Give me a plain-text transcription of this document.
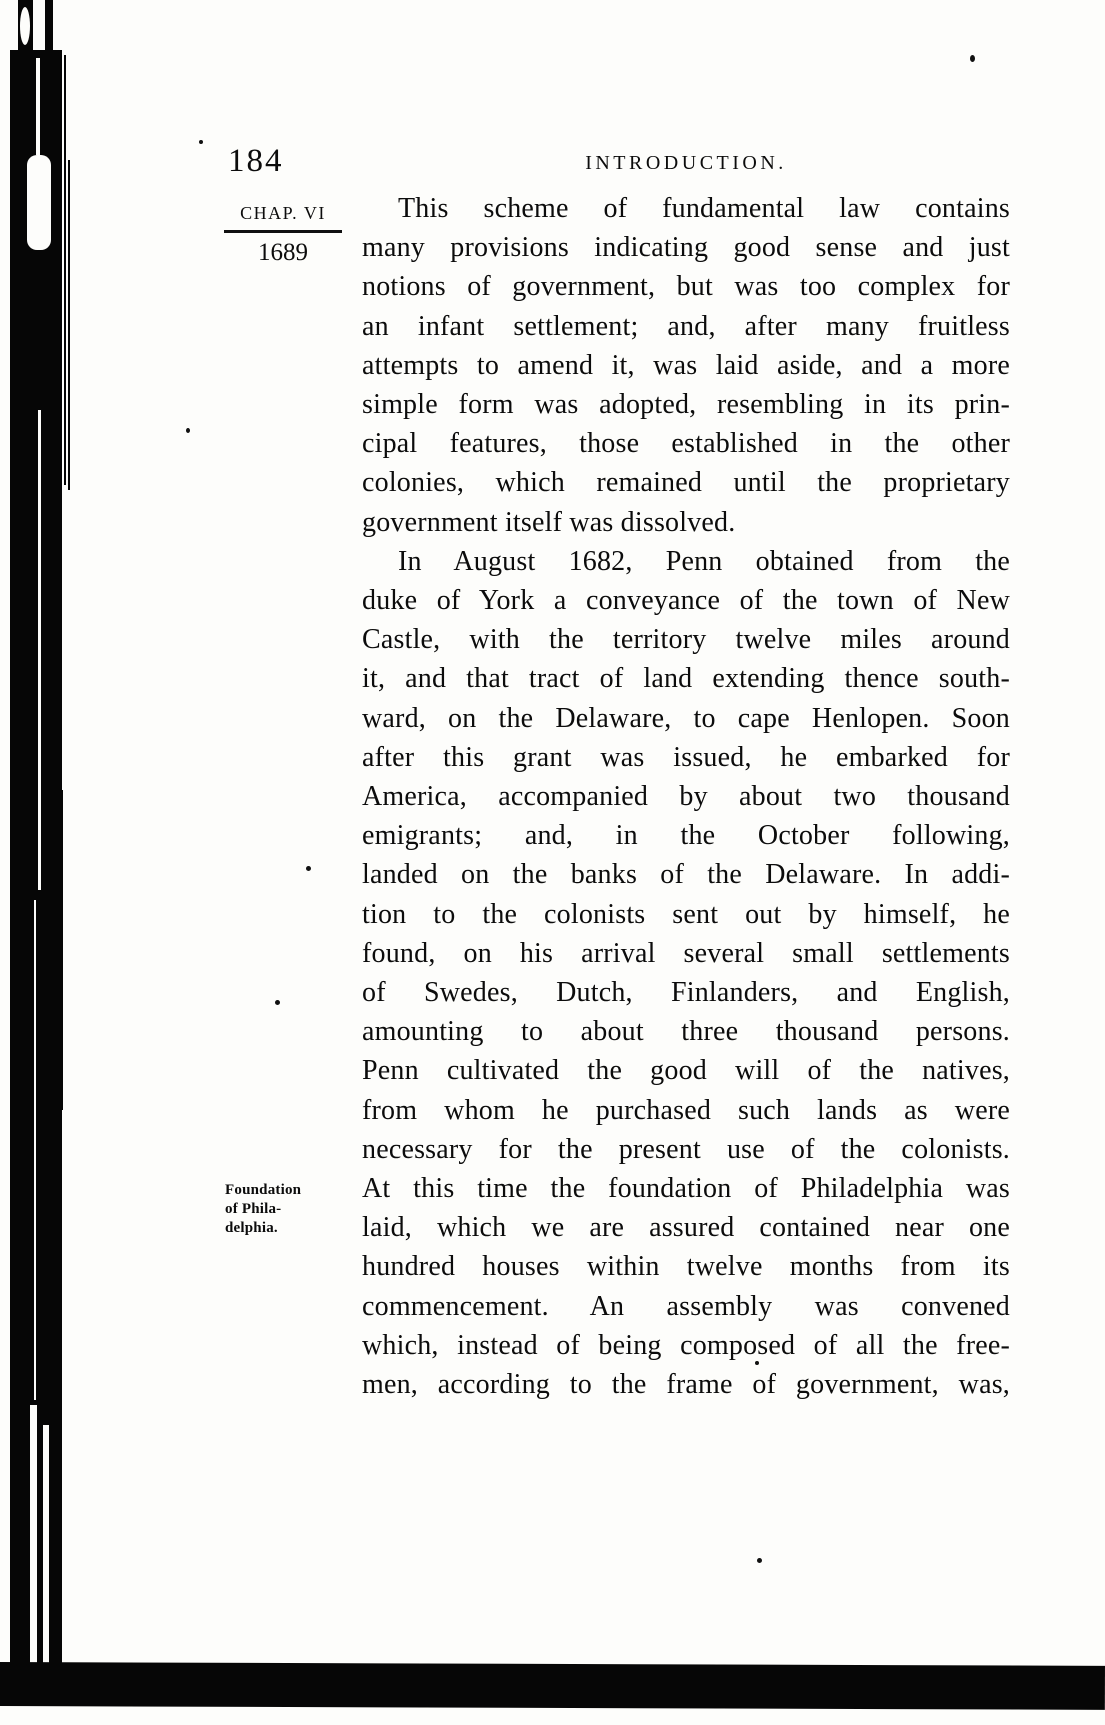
184	INTRODUCTION.
CHAP. VI
1689
Foundation
of Phila-
delphia.
This scheme of fundamental law contains
many provisions indicating good sense and just
notions of government, but was too complex for
an infant settlement; and, after many fruitless
attempts to amend it, was laid aside, and a more
simple form was adopted, resembling in its prin-
cipal features, those established in the other
colonies, which remained until the proprietary
government itself was dissolved.
In August 1682, Penn obtained from the
duke of York a conveyance of the town of New
Castle, with the territory twelve miles around
it, and that tract of land extending thence south-
ward, on the Delaware, to cape Henlopen. Soon
after this grant was issued, he embarked for
America, accompanied by about two thousand
emigrants; and, in the October following,
landed on the banks of the Delaware. In addi-
tion to the colonists sent out by himself, he
found, on his arrival several small settlements
of Swedes, Dutch, Finlanders, and English,
amounting to about three thousand persons.
Penn cultivated the good will of the natives,
from whom he purchased such lands as were
necessary for the present use of the colonists.
At this time the foundation of Philadelphia was
laid, which we are assured contained near one
hundred houses within twelve months from its
commencement. An assembly was convened
which, instead of being composed of all the free-
men, according to the frame of government, was,
